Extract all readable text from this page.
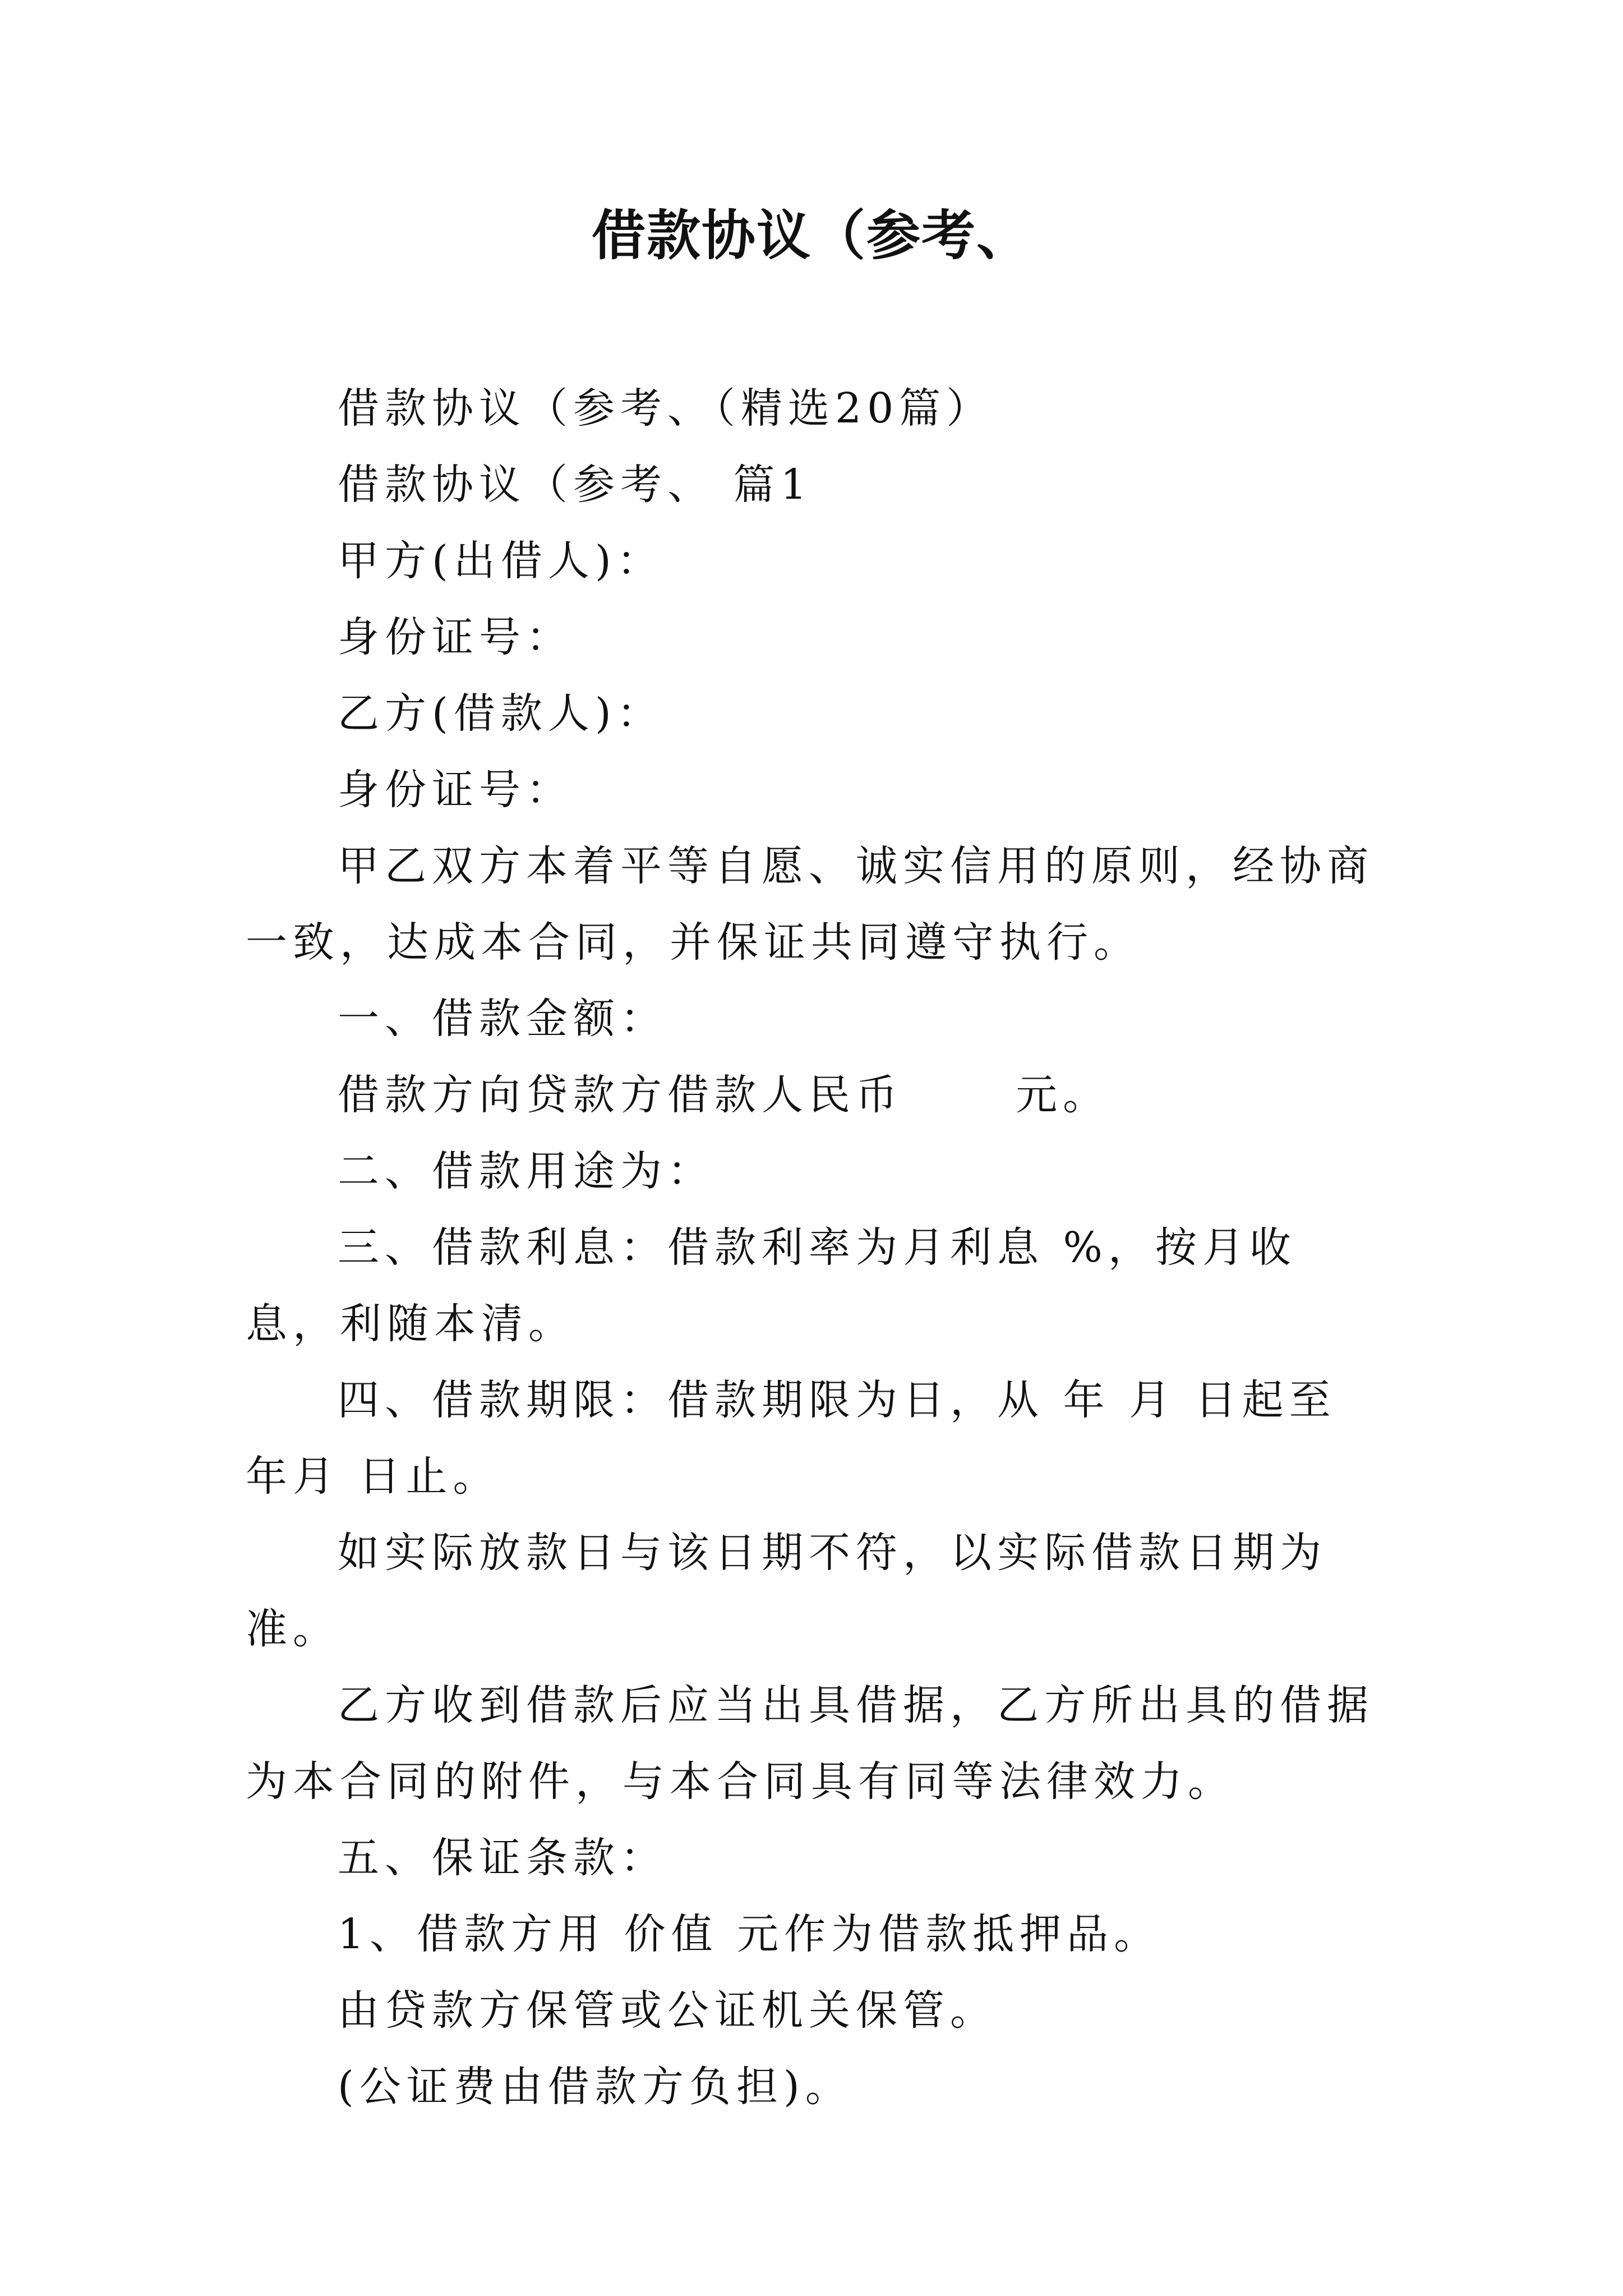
借款协议（参考、

借款协议（参考、（精选20篇）

借款协议（参考、 篇1

甲方(出借人)：

身份证号：

乙方(借款人)：

身份证号：

甲乙双方本着平等自愿、诚实信用的原则，经协商一致，达成本合同，并保证共同遵守执行。

一、借款金额：

借款方向贷款方借款人民币      元。

二、借款用途为：

三、借款利息：借款利率为月利息 %，按月收息，利随本清。

四、借款期限：借款期限为日，从 年 月 日起至 年月 日止。

如实际放款日与该日期不符，以实际借款日期为准。

乙方收到借款后应当出具借据，乙方所出具的借据为本合同的附件，与本合同具有同等法律效力。

五、保证条款：

1、借款方用 价值 元作为借款抵押品。

由贷款方保管或公证机关保管。

(公证费由借款方负担)。
